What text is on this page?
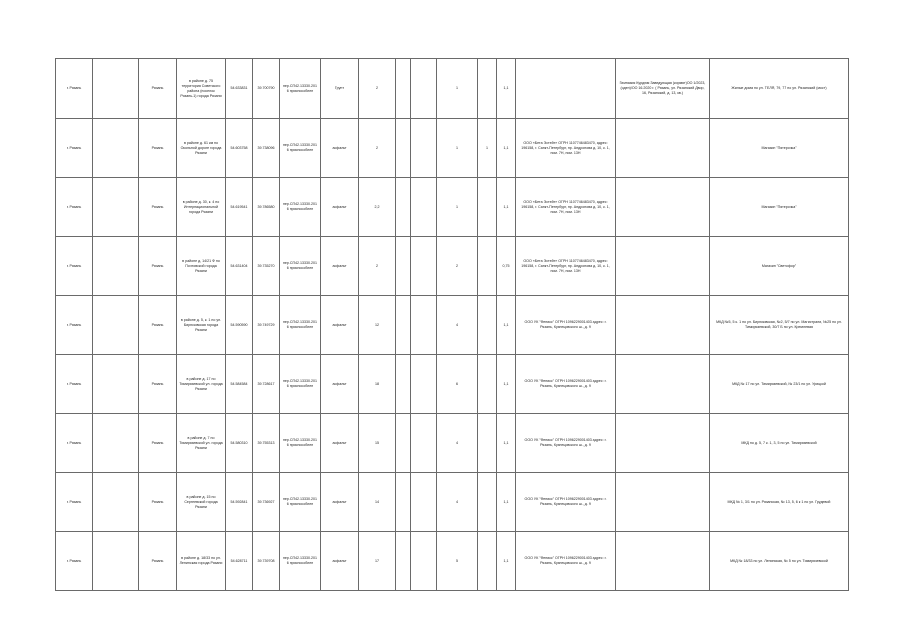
г. Рязань		Рязань	в районе д. 75 территория Советского района (поселок Рязань-1) города Рязани	54.633831	39.700790	пер.СП42.13330.2016 приспособлен	Грунт	2			1		1,1		Гимназия Курдюм Заведующая (кормят)ОО 1/2023, (оден)/ОО 16.2020 г. ( Рязань, ул. Рязанский Двор, 16, Рязанский, д. 13, кв.)	Жилые дома по ул. ТЕЛЯ, 79, 77 по ул. Рязанский (мост)
г. Рязань		Рязань	в районе д. 61 км по Окольной дороге города Рязани	54.603758	39.738096	пер.СП42.13330.2016 приспособлен	асфальт	2			1	1	1,1	ООО «Бета Эстейт» ОГРН 1107746483470, адрес: 196158, г. Санкт-Петербург, пр. Андропова д. 10, к. 1, пом. 7Н, пом. 13Н		Магазин "Пятерочка"
г. Рязань		Рязань	в районе д. 30, к. 4 по Интернациональной города Рязани	54.619541	39.786580	пер.СП42.13330.2016 приспособлен	асфальт	2,2			1		1,1	ООО «Бета Эстейт» ОГРН 1107746483470, адрес: 196158, г. Санкт-Петербург, пр. Андропова д. 10, к. 1, пом. 7Н, пом. 13Н		Магазин "Пятерочка"
г. Рязань		Рязань	в районе д. 14/21 Ф по Почтовской города Рязани	54.631404	39.735270	пер.СП42.13330.2016 приспособлен	асфальт	2			2		0,75	ООО «Бета Эстейт» ОГРН 1107746483470, адрес: 196158, г. Санкт-Петербург, пр. Андропова д. 10, к. 1, пом. 7Н, пом. 13Н		Магазин "Светофор"
г. Рязань		Рязань	в районе д. 5, к. 1 по ул. Бирюзовская города Рязани	54.590590	39.749729	пер.СП42.13330.2016 приспособлен	асфальт	12			4		1,1	ООО УК "Феникс" ОГРН 1096229001403 адрес: г. Рязань, Кузнецовского ш., д. 9		МКД №5, 5 к. 1 по ул. Бирюзовская, №2, 5/7 по ул. Магистрали, №25 по ул. Тимирязевской, 30/7 Б по ул. Кремлевая
г. Рязань		Рязань	в районе д. 17 по Тимирязевской ул. города Рязани	54.584584	39.728617	пер.СП42.13330.2016 приспособлен	асфальт	18			6		1,1	ООО УК "Феникс" ОГРН 1096229001403 адрес: г. Рязань, Кузнецовского ш., д. 9		МКД № 17 по ул. Тимирязевской, № 23/1 по ул. Урицкой
г. Рязань		Рязань	в районе д. 7 по Тимирязевской ул. города Рязани	54.580310	39.755313	пер.СП42.13330.2016 приспособлен	асфальт	15			4		1,1	ООО УК "Феникс" ОГРН 1096229001403 адрес: г. Рязань, Кузнецовского ш., д. 9		МКД по д. 5, 7 к. 1, 3, 5 по ул. Тимирязевской
г. Рязань		Рязань	в районе д. 15 по Сергеевской города Рязани	54.592841	39.736927	пер.СП42.13330.2016 приспособлен	асфальт	14			4		1,1	ООО УК "Феникс" ОГРН 1096229001403 адрес: г. Рязань, Кузнецовского ш., д. 9		МКД № 1, 3/1 по ул. Рязанская, № 13, 5, 6 к 1 по ул. Грудевой
г. Рязань		Рязань	в районе д. 18/33 по ул. Ленинская города Рязани	54.628711	39.739708	пер.СП42.13330.2016 приспособлен	асфальт	17			5		1,1	ООО УК "Феникс" ОГРН 1096229001403 адрес: г. Рязань, Кузнецовского ш., д. 9		МКД № 18/33 по ул. Ленинская, № 5 по ул. Тимирязевской
